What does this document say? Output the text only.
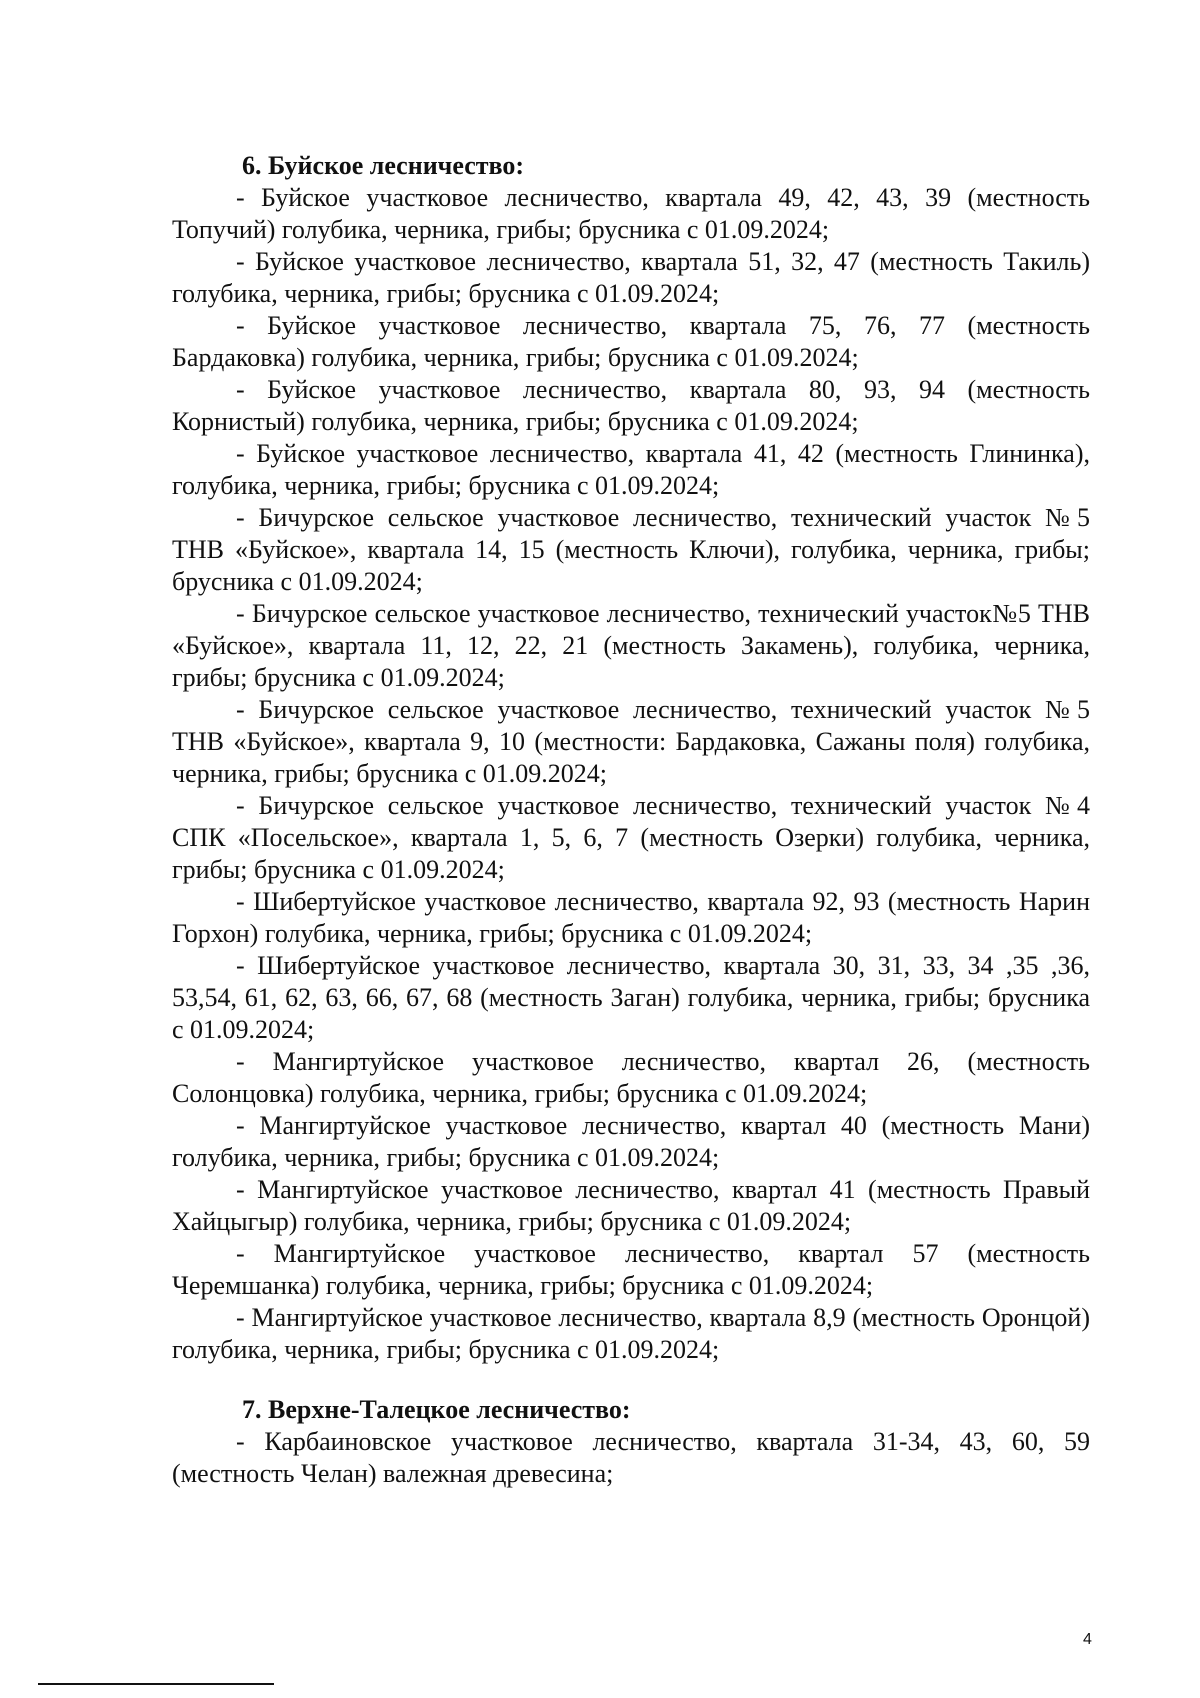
6. Буйское лесничество:

- Буйское участковое лесничество, квартала 49, 42, 43, 39 (местность Топучий) голубика, черника, грибы; брусника с 01.09.2024;

- Буйское участковое лесничество, квартала 51, 32, 47 (местность Такиль) голубика, черника, грибы; брусника с 01.09.2024;

- Буйское участковое лесничество, квартала 75, 76, 77 (местность Бардаковка) голубика, черника, грибы; брусника с 01.09.2024;

- Буйское участковое лесничество, квартала 80, 93, 94 (местность Корнистый) голубика, черника, грибы; брусника с 01.09.2024;

- Буйское участковое лесничество, квартала 41, 42 (местность Глининка), голубика, черника, грибы; брусника с 01.09.2024;

- Бичурское сельское участковое лесничество, технический участок №5 ТНВ «Буйское», квартала 14, 15 (местность Ключи), голубика, черника, грибы; брусника с 01.09.2024;

- Бичурское сельское участковое лесничество, технический участок№5 ТНВ «Буйское», квартала 11, 12, 22, 21 (местность Закамень), голубика, черника, грибы; брусника с 01.09.2024;

- Бичурское сельское участковое лесничество, технический участок №5 ТНВ «Буйское», квартала 9, 10 (местности: Бардаковка, Сажаны поля) голубика, черника, грибы; брусника с 01.09.2024;

- Бичурское сельское участковое лесничество, технический участок №4 СПК «Посельское», квартала 1, 5, 6, 7 (местность Озерки) голубика, черника, грибы; брусника с 01.09.2024;

- Шибертуйское участковое лесничество, квартала 92, 93 (местность Нарин Горхон) голубика, черника, грибы; брусника с 01.09.2024;

- Шибертуйское участковое лесничество, квартала 30, 31, 33, 34 ,35 ,36, 53,54, 61, 62, 63, 66, 67, 68 (местность Заган) голубика, черника, грибы; брусника с 01.09.2024;

- Мангиртуйское участковое лесничество, квартал 26, (местность Солонцовка) голубика, черника, грибы; брусника с 01.09.2024;

- Мангиртуйское участковое лесничество, квартал 40 (местность Мани) голубика, черника, грибы; брусника с 01.09.2024;

- Мангиртуйское участковое лесничество, квартал 41 (местность Правый Хайцыгыр) голубика, черника, грибы; брусника с 01.09.2024;

- Мангиртуйское участковое лесничество, квартал 57 (местность Черемшанка) голубика, черника, грибы; брусника с 01.09.2024;

- Мангиртуйское участковое лесничество, квартала 8,9 (местность Оронцой) голубика, черника, грибы; брусника с 01.09.2024;

7. Верхне-Талецкое лесничество:

- Карбаиновское участковое лесничество, квартала 31-34, 43, 60, 59 (местность Челан) валежная древесина;

4
